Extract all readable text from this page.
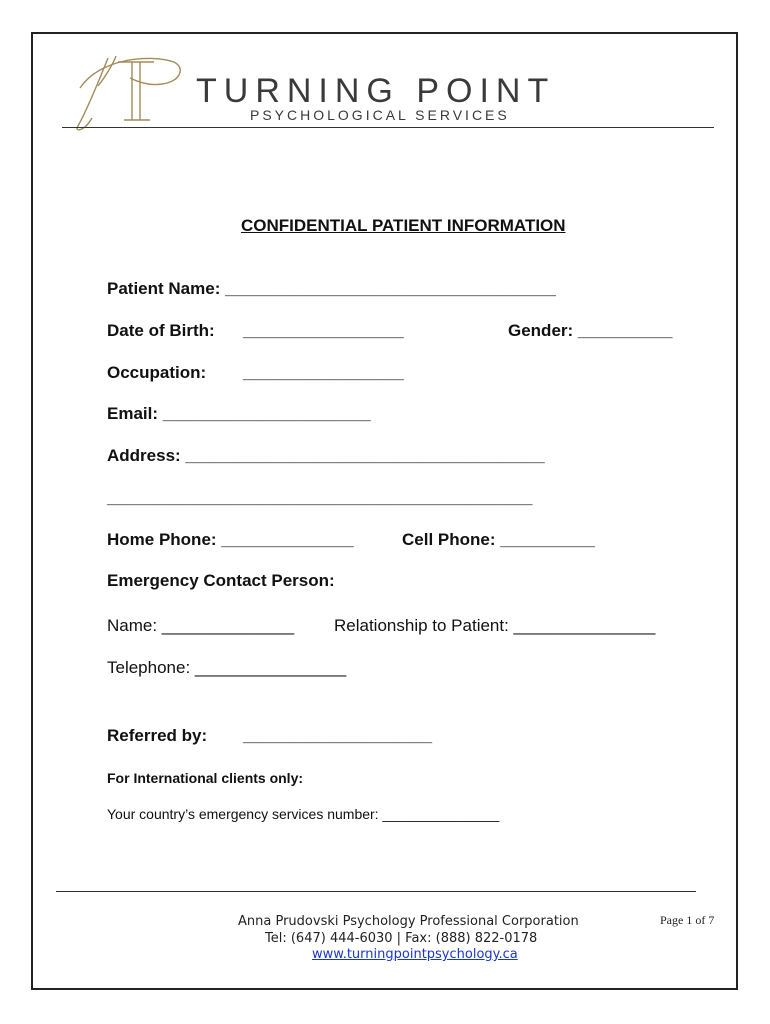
TURNING POINT
PSYCHOLOGICAL SERVICES
CONFIDENTIAL PATIENT INFORMATION
Patient Name: ___________________________________
Date of Birth: _________________	Gender: __________
Occupation: _________________
Email: ______________________
Address: ______________________________________
_____________________________________________
Home Phone: ______________	Cell Phone: __________
Emergency Contact Person:
Name: ______________ Relationship to Patient: _______________
Telephone: ________________
Referred by: ____________________
For International clients only:
Your country’s emergency services number: _______________
Anna Prudovski Psychology Professional Corporation
Tel: (647) 444-6030 | Fax: (888) 822-0178
www.turningpointpsychology.ca
Page 1 of 7
